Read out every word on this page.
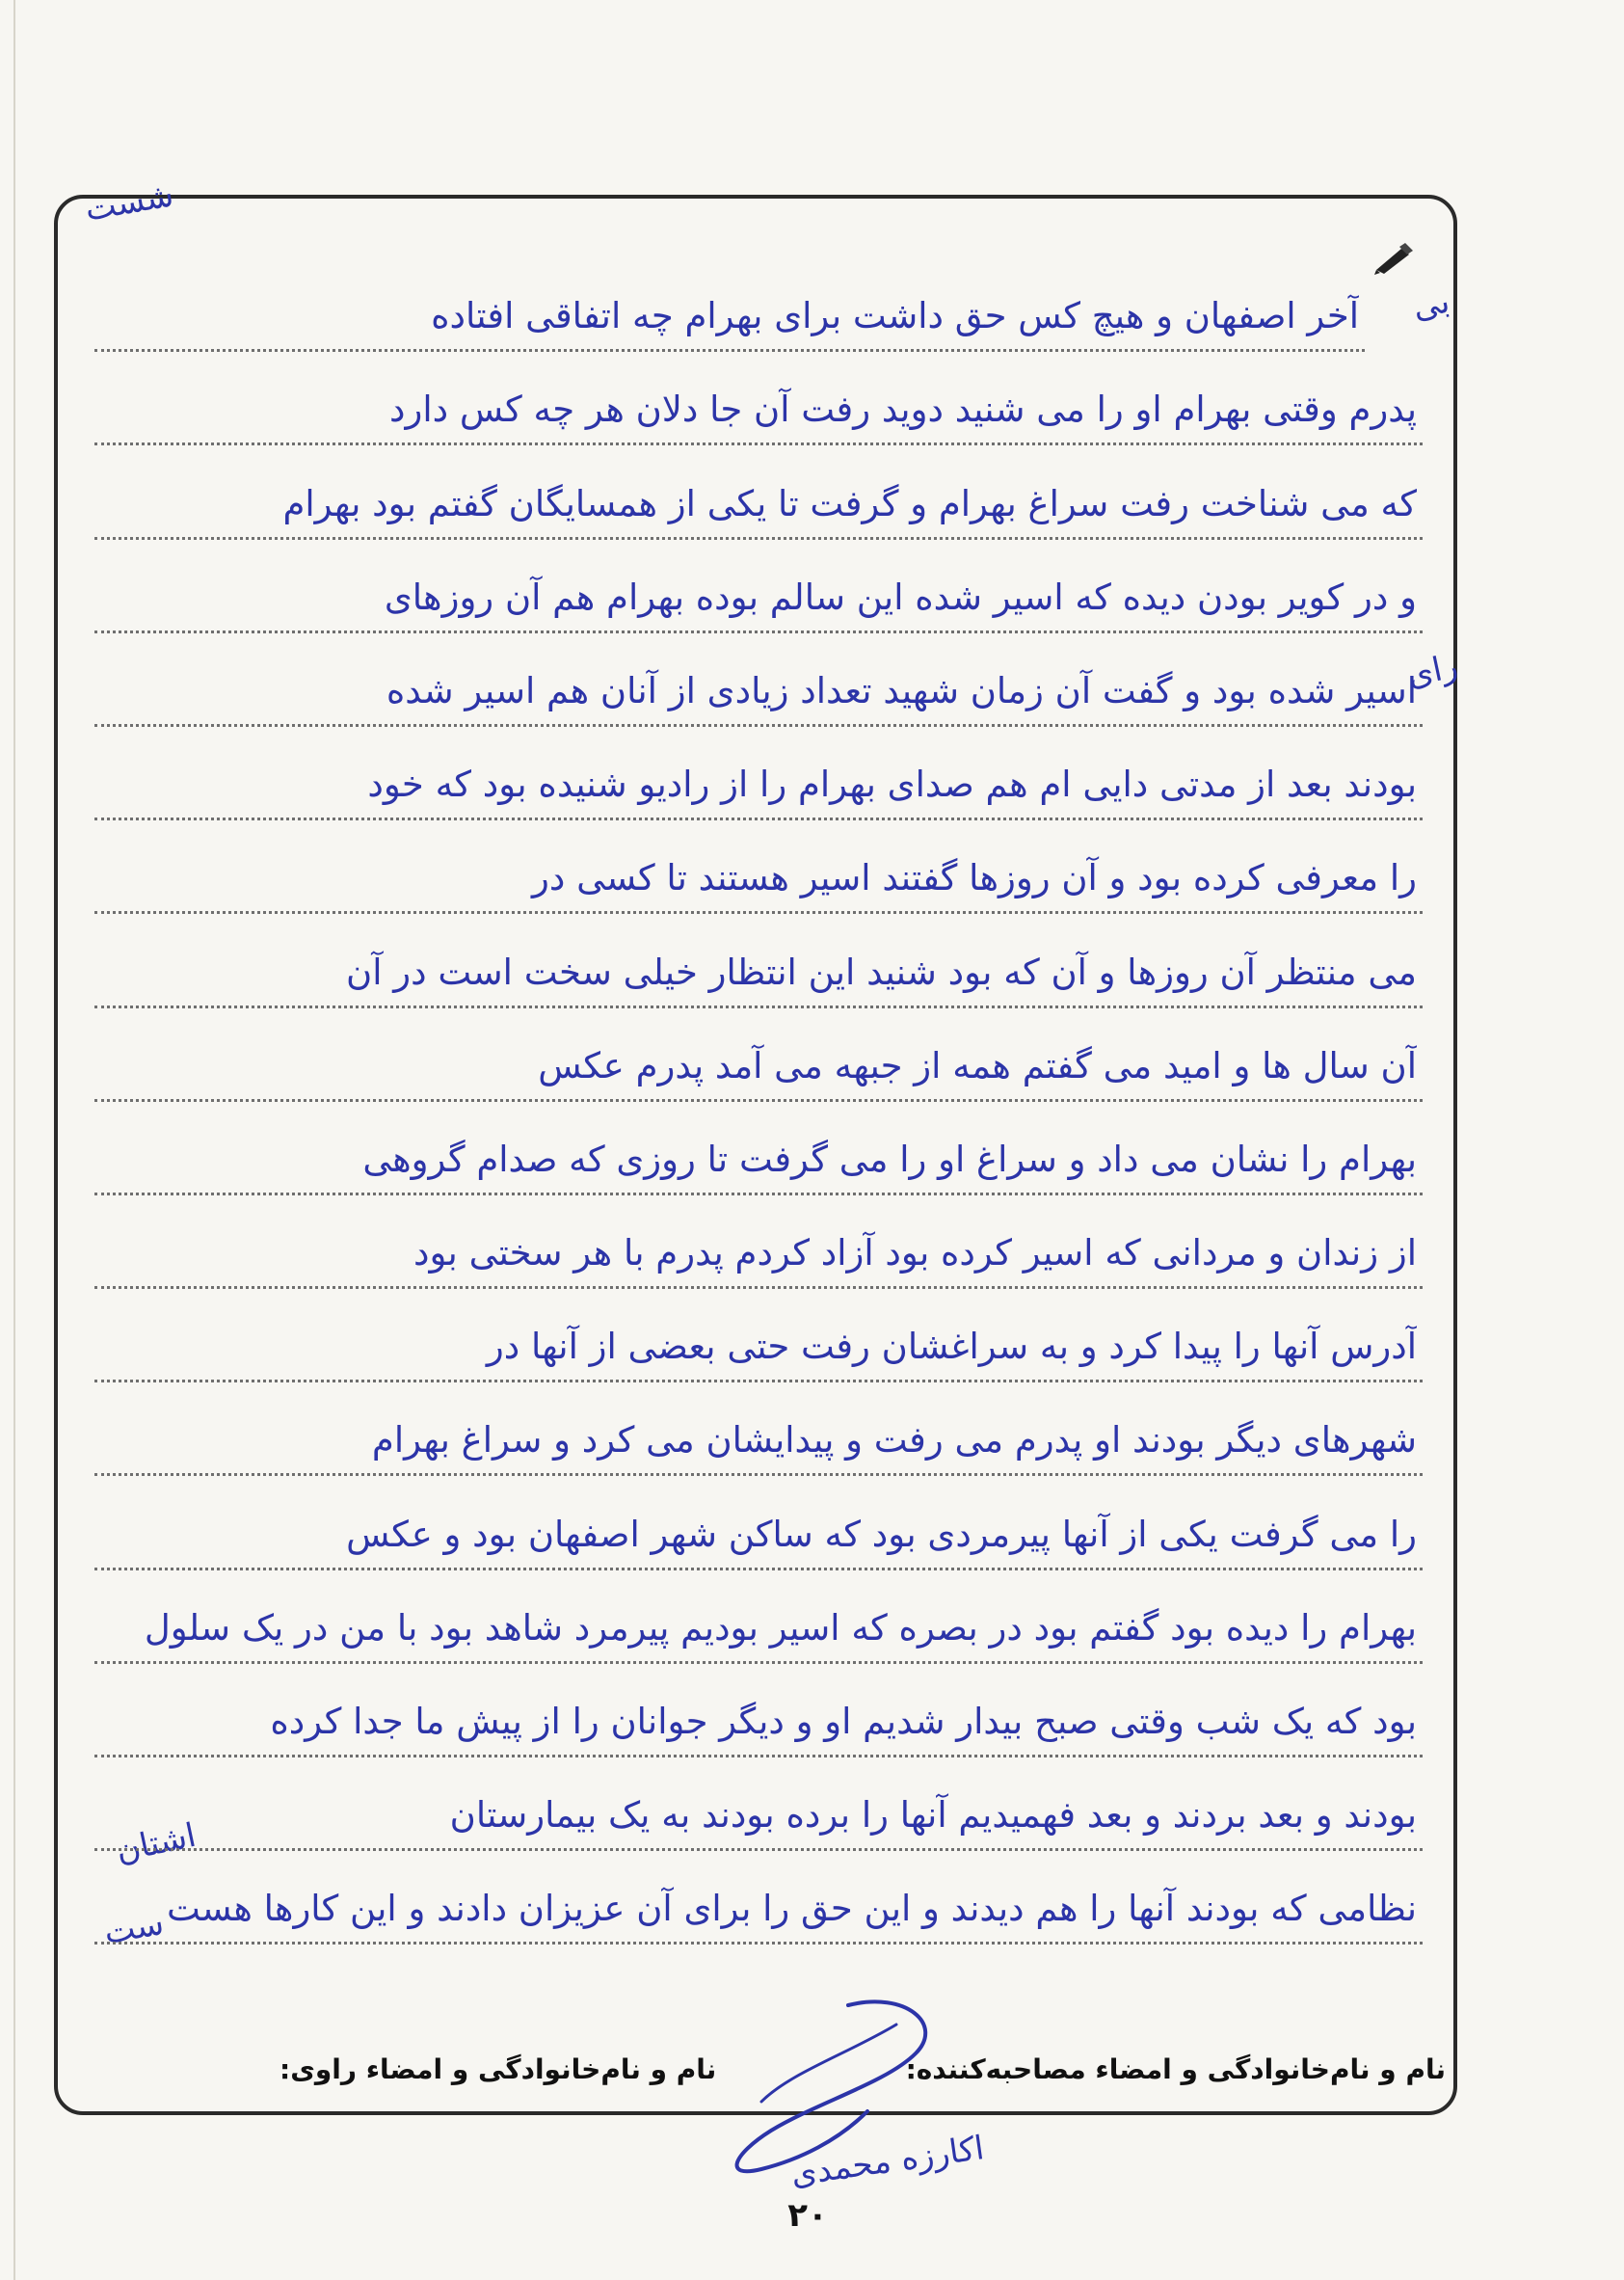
شست
بی
رای
اشتان
ست
آخر اصفهان و هیچ کس حق داشت برای بهرام چه اتفاقی افتاده
پدرم وقتی بهرام او را می شنید دوید رفت آن جا دلان هر چه کس دارد
که می شناخت رفت سراغ بهرام و گرفت تا یکی از همسایگان گفتم بود بهرام
و در کویر بودن دیده که اسیر شده این سالم بوده بهرام هم آن روزهای
اسیر شده بود و گفت آن زمان شهید تعداد زیادی از آنان هم اسیر شده
بودند بعد از مدتی دایی ام هم صدای بهرام را از رادیو شنیده بود که خود
را معرفی کرده بود و آن روزها گفتند اسیر هستند تا کسی در
می منتظر آن روزها و آن که بود شنید این انتظار خیلی سخت است در آن
آن سال ها و امید می گفتم همه از جبهه می آمد پدرم عکس
بهرام را نشان می داد و سراغ او را می گرفت تا روزی که صدام گروهی
از زندان و مردانی که اسیر کرده بود آزاد کردم پدرم با هر سختی بود
آدرس آنها را پیدا کرد و به سراغشان رفت حتی بعضی از آنها در
شهرهای دیگر بودند او پدرم می رفت و پیدایشان می کرد و سراغ بهرام
را می گرفت یکی از آنها پیرمردی بود که ساکن شهر اصفهان بود و عکس
بهرام را دیده بود گفتم بود در بصره که اسیر بودیم پیرمرد شاهد بود با من در یک سلول
بود که یک شب وقتی صبح بیدار شدیم او و دیگر جوانان را از پیش ما جدا کرده
بودند و بعد بردند و بعد فهمیدیم آنها را برده بودند به یک بیمارستان
نظامی که بودند آنها را هم دیدند و این حق را برای آن عزیزان دادند و این کارها هست
نام و نام‌خانوادگی و امضاء مصاحبه‌کننده:
نام و نام‌خانوادگی و امضاء راوی:
اکارزه محمدی
۲۰
